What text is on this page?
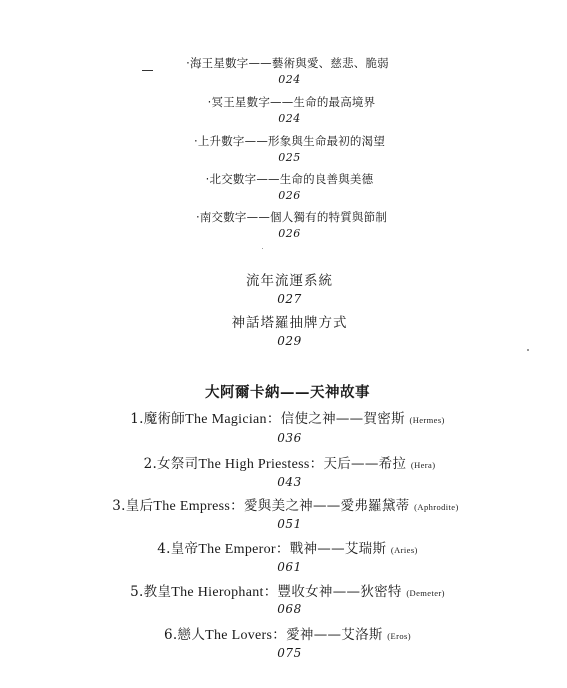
·海王星數字——藝術與愛、慈悲、脆弱
024
·冥王星數字——生命的最高境界
024
·上升數字——形象與生命最初的渴望
025
·北交數字——生命的良善與美德
026
·南交數字——個人獨有的特質與節制
026
流年流運系統
027
神話塔羅抽牌方式
029
大阿爾卡納——天神故事
1.魔術師The Magician：信使之神——賀密斯 (Hermes)
036
2.女祭司The High Priestess：天后——希拉 (Hera)
043
3.皇后The Empress：愛與美之神——愛弗羅黛蒂 (Aphrodite)
051
4.皇帝The Emperor：戰神——艾瑞斯 (Aries)
061
5.教皇The Hierophant：豐收女神——狄密特 (Demeter)
068
6.戀人The Lovers：愛神——艾洛斯 (Eros)
075
